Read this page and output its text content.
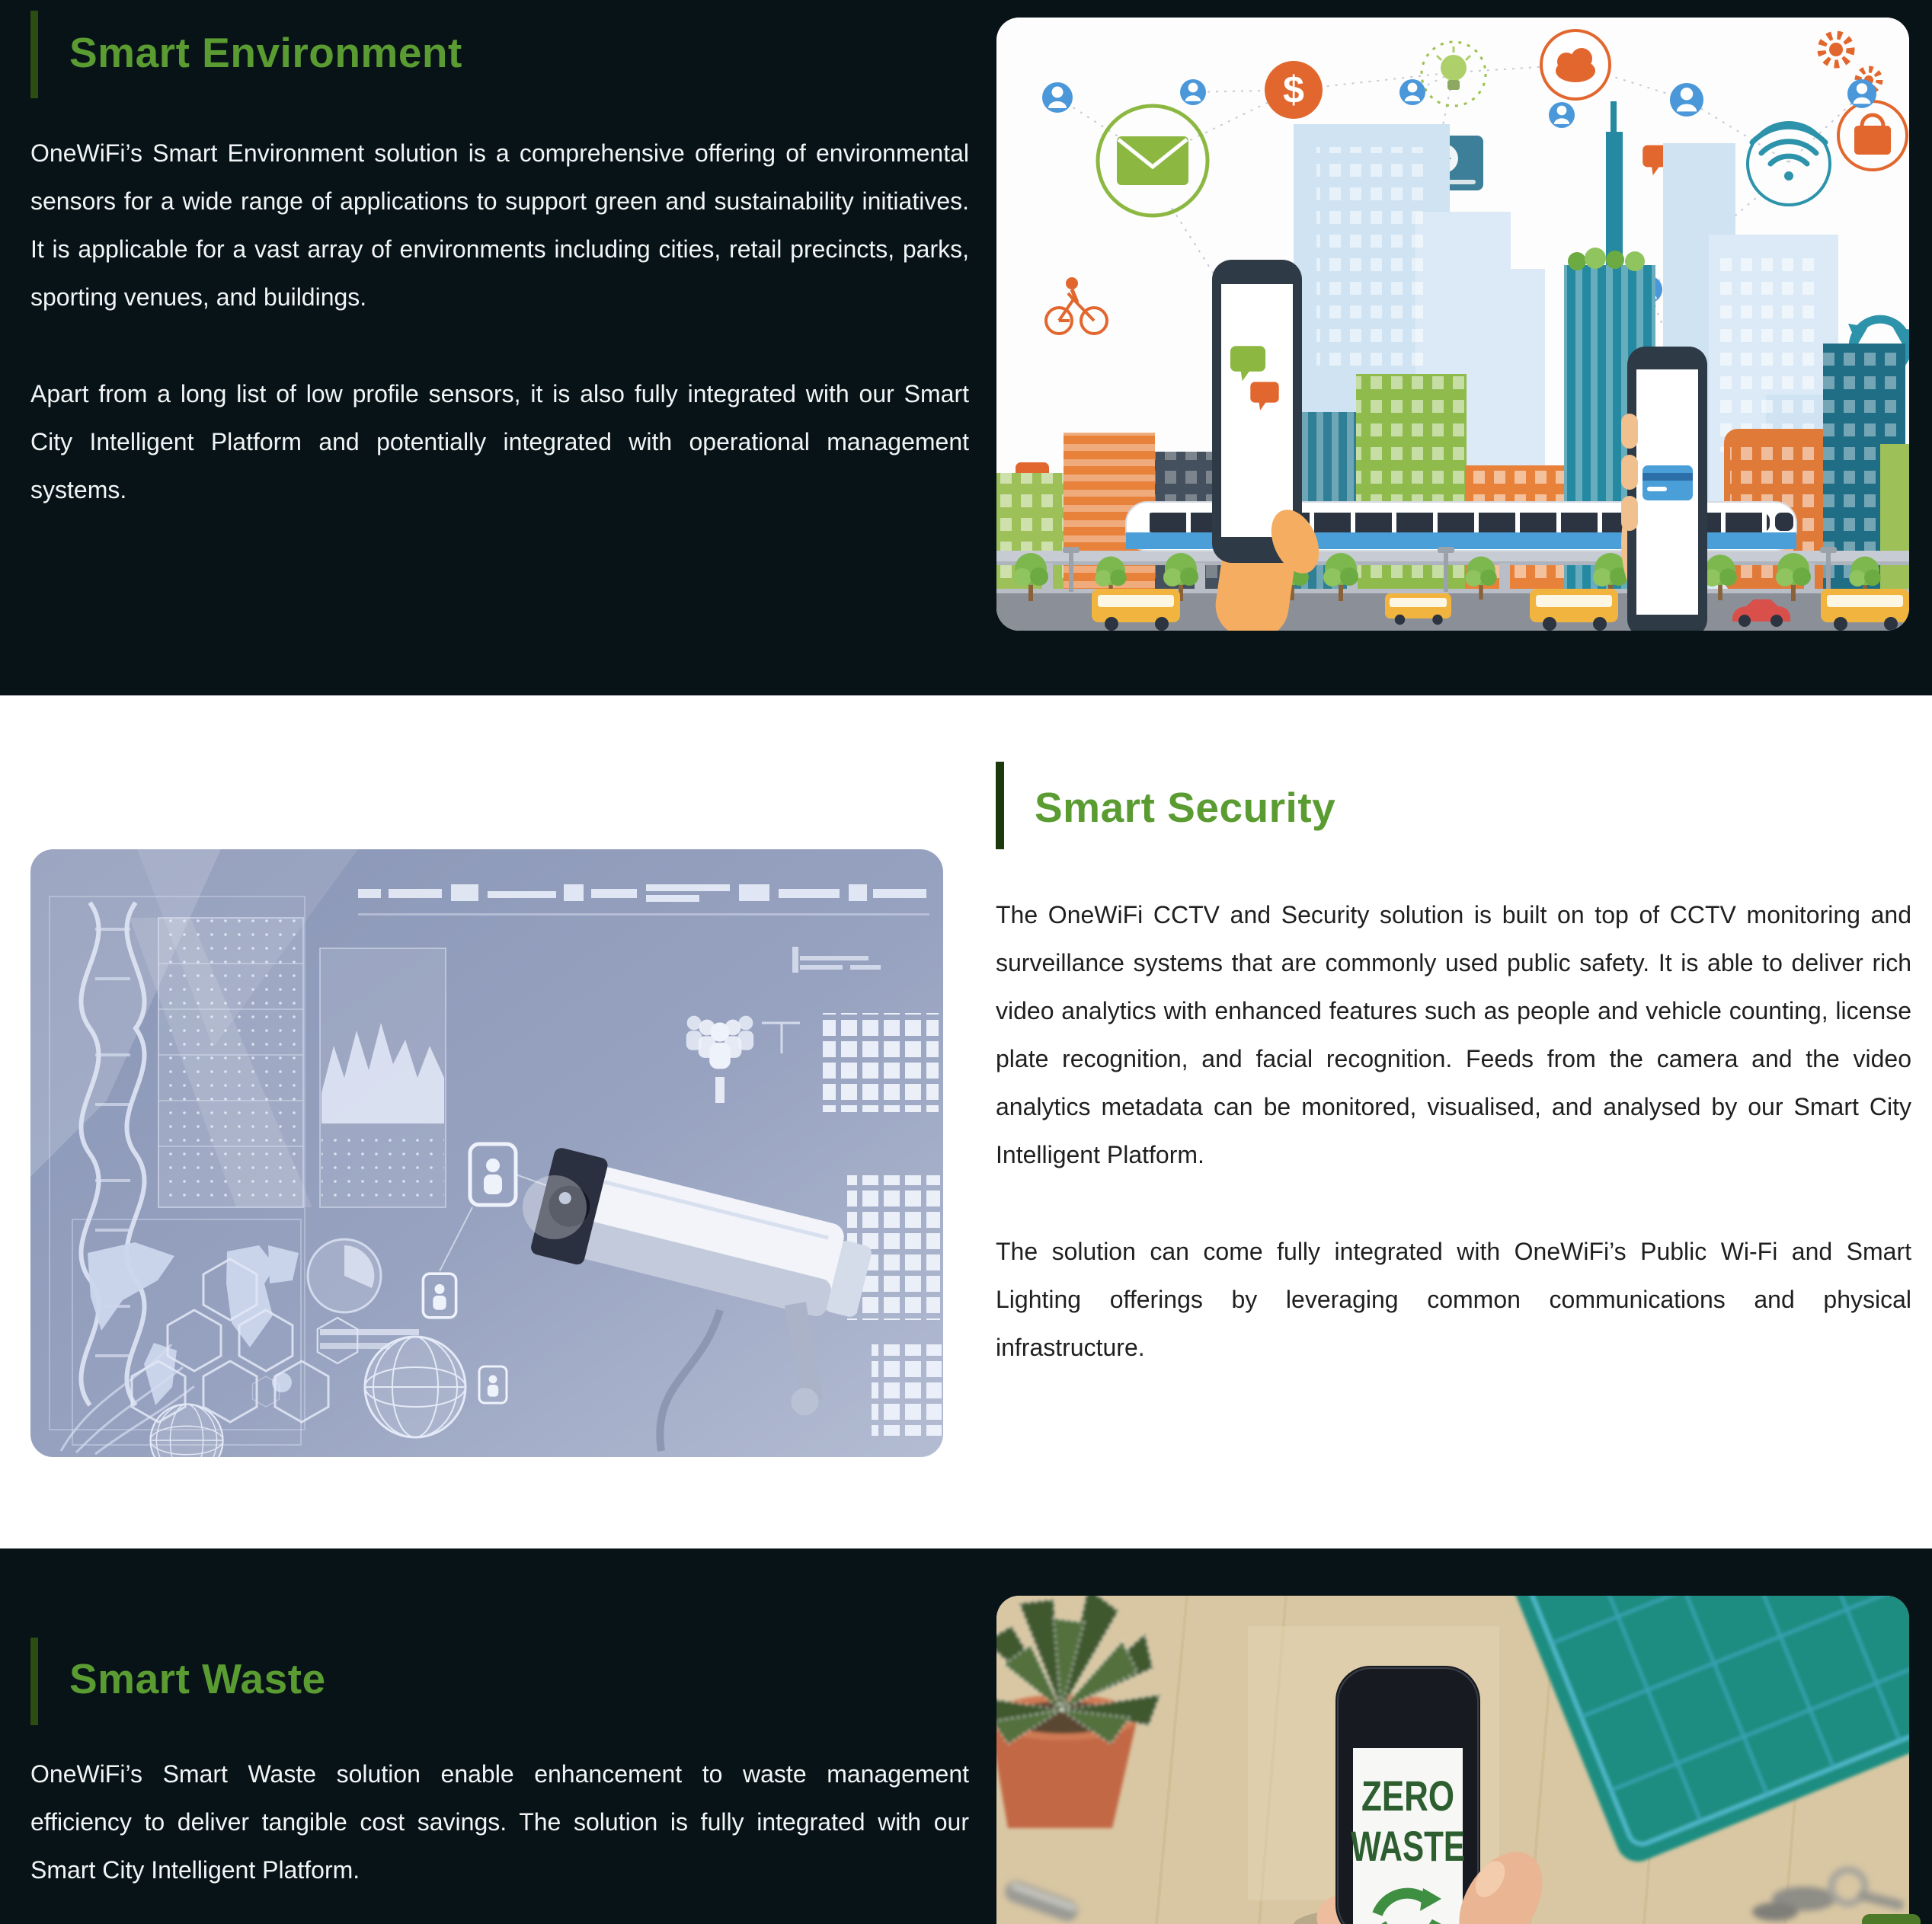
Smart Environment

OneWiFi’s Smart Environment solution is a comprehensive offering of environmental sensors for a wide range of applications to support green and sustainability initiatives. It is applicable for a vast array of environments including cities, retail precincts, parks, sporting venues, and buildings.

Apart from a long list of low profile sensors, it is also fully integrated with our Smart City Intelligent Platform and potentially integrated with operational management systems.

$
Smart Security

The OneWiFi CCTV and Security solution is built on top of CCTV monitoring and surveillance systems that are commonly used public safety. It is able to deliver rich video analytics with enhanced features such as people and vehicle counting, license plate recognition, and facial recognition. Feeds from the camera and the video analytics metadata can be monitored, visualised, and analysed by our Smart City Intelligent Platform.

The solution can come fully integrated with OneWiFi’s Public Wi-Fi and Smart Lighting offerings by leveraging common communications and physical infrastructure.

Smart Waste

OneWiFi’s Smart Waste solution enable enhancement to waste management efficiency to deliver tangible cost savings. The solution is fully integrated with our Smart City Intelligent Platform.

ZERO
WASTE
